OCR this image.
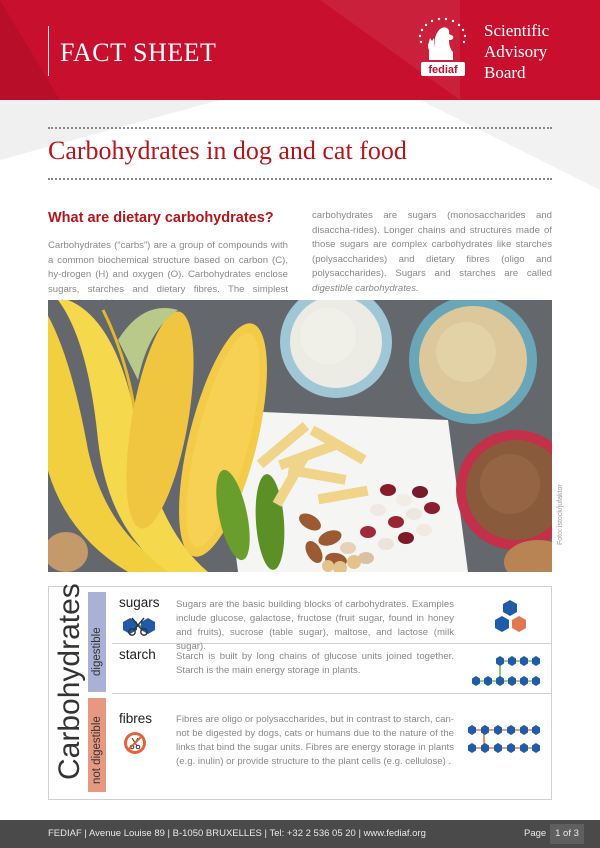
FACT SHEET
fediaf
Scientific
Advisory
Board
Carbohydrates in dog and cat food
What are dietary carbohydrates?
Carbohydrates (“carbs”) are a group of compounds with a common biochemical structure based on carbon (C), hy-drogen (H) and oxygen (O). Carbohydrates enclose sugars, starches and dietary fibres. The simplest
carbohydrates are sugars (monosaccharides and disaccha-rides). Longer chains and structures made of those sugars are complex carbohydrates like starches (polysaccharides) and dietary fibres (oligo and polysaccharides). Sugars and starches are called digestible carbohydrates.
Foto: istock/jufaktor
Carbohydrates digestible
not digestible
sugars Sugars are the basic building blocks of carbohydrates. Examples include glucose, galactose, fructose (fruit sugar, found in honey and fruits), sucrose (table sugar), maltose, and lactose (milk sugar).
starch Starch is built by long chains of glucose units joined together. Starch is the main energy storage in plants.
fibres Fibres are oligo or polysaccharides, but in contrast to starch, can-not be digested by dogs, cats or humans due to the nature of the links that bind the sugar units. Fibres are energy storage in plants (e.g. inulin) or provide structure to the plant cells (e.g. cellulose) .
FEDIAF | Avenue Louise 89 | B-1050 BRUXELLES | Tel: +32 2 536 05 20 | www.fediaf.org	Page 1 of 3
